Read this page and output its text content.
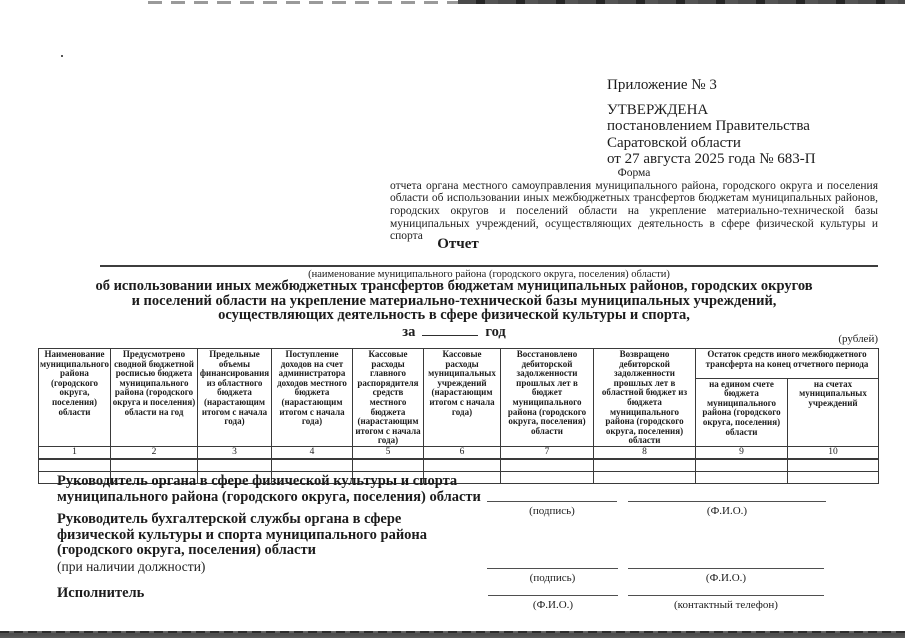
Приложение № 3
УТВЕРЖДЕНА
постановлением Правительства
Саратовской области
от 27 августа 2025 года № 683-П
Форма
отчета органа местного самоуправления муниципального района, городского округа и поселения области об использовании иных межбюджетных трансфертов бюджетам муниципальных районов, городских округов и поселений области на укрепление материально-технической базы муниципальных учреждений, осуществляющих деятельность в сфере физической культуры и спорта Отчет
(наименование муниципального района (городского округа, поселения) области)
об использовании иных межбюджетных трансфертов бюджетам муниципальных районов, городских округов
и поселений области на укрепление материально-технической базы муниципальных учреждений,
осуществляющих деятельность в сфере физической культуры и спорта,
за	год	(рублей)
Наименование муниципального района (городского округа, поселения) области	Предусмотрено сводной бюджетной росписью бюджета муниципального района (городского округа и поселения) области на год	Предельные объемы финансирования из областного бюджета (нарастающим итогом с начала года)	Поступление доходов на счет администратора доходов местного бюджета (нарастающим итогом с начала года)	Кассовые расходы главного распорядителя средств местного бюджета (нарастающим итогом с начала года)	Кассовые расходы муниципальных учреждений (нарастающим итогом с начала года)	Восстановлено дебиторской задолженности прошлых лет в бюджет муниципального района (городского округа, поселения) области	Возвращено дебиторской задолженности прошлых лет в областной бюджет из бюджета муниципального района (городского округа, поселения) области	Остаток средств иного межбюджетного трансферта на конец отчетного периода	
								на едином счете бюджета муниципального района (городского округа, поселения) области	на счетах муниципальных учреждений
1	2	3	4	5	6	7	8	9	10

Руководитель органа в сфере физической культуры и спорта
муниципального района (городского округа, поселения) области
(подпись)	(Ф.И.О.)
Руководитель бухгалтерской службы органа в сфере
физической культуры и спорта муниципального района
(городского округа, поселения) области
(при наличии должности)
(подпись)	(Ф.И.О.)
Исполнитель
(Ф.И.О.)	(контактный телефон)
